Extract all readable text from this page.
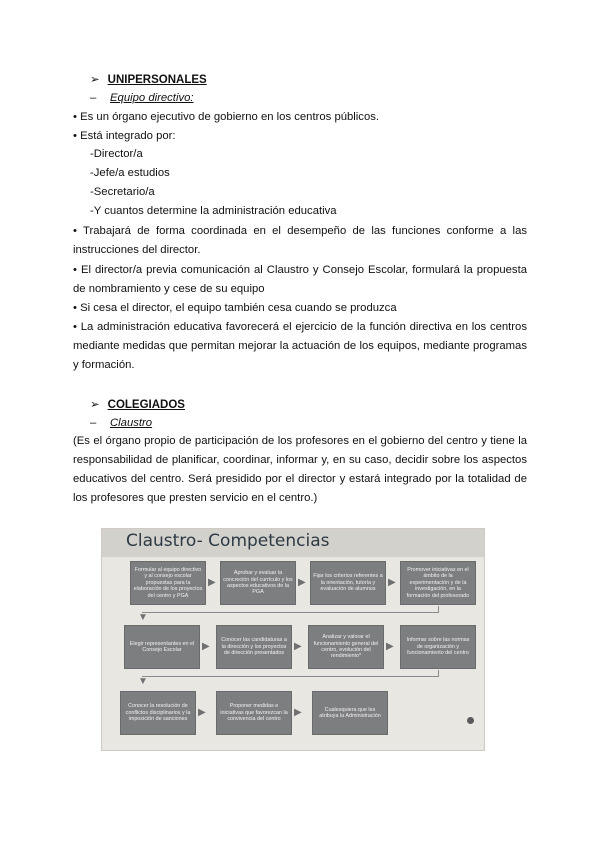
➢ UNIPERSONALES
– Equipo directivo:
• Es un órgano ejecutivo de gobierno en los centros públicos.
• Está integrado por:
-Director/a
-Jefe/a estudios
-Secretario/a
-Y cuantos determine la administración educativa
• Trabajará de forma coordinada en el desempeño de las funciones conforme a las instrucciones del director.
• El director/a previa comunicación al Claustro y Consejo Escolar, formulará la propuesta de nombramiento y cese de su equipo
• Si cesa el director, el equipo también cesa cuando se produzca
• La administración educativa favorecerá el ejercicio de la función directiva en los centros mediante medidas que permitan mejorar la actuación de los equipos, mediante programas y formación.
➢ COLEGIADOS
– Claustro
(Es el órgano propio de participación de los profesores en el gobierno del centro y tiene la responsabilidad de planificar, coordinar, informar y, en su caso, decidir sobre los aspectos educativos del centro. Será presidido por el director y estará integrado por la totalidad de los profesores que presten servicio en el centro.)
Claustro- Competencias
Formular al equipo directivo y al consejo escolar propuestas para la elaboración de los proyectos del centro y PGA
▶
Aprobar y evaluar la concreción del currículo y los aspectos educativos de la PGA
▶
Fijar los criterios referentes a la orientación, tutoría y evaluación de alumnos
▶
Promover iniciativas en el ámbito de la experimentación y de la investigación, en la formación del profesorado
▼
Elegir representantes en el Consejo Escolar	▶
Conocer las candidaturas a la dirección y los proyectos de dirección presentados
▶
Analizar y valorar el funcionamiento general del centro, evolución del rendimiento*
▶
Informar sobre las normas de organización y funcionamiento del centro
▼
Conocer la resolución de conflictos disciplinarios y la imposición de sanciones
▶
Proponer medidas e iniciativas que favorezcan la convivencia del centro
▶	Cualesquiera que les atribuya la Administración
